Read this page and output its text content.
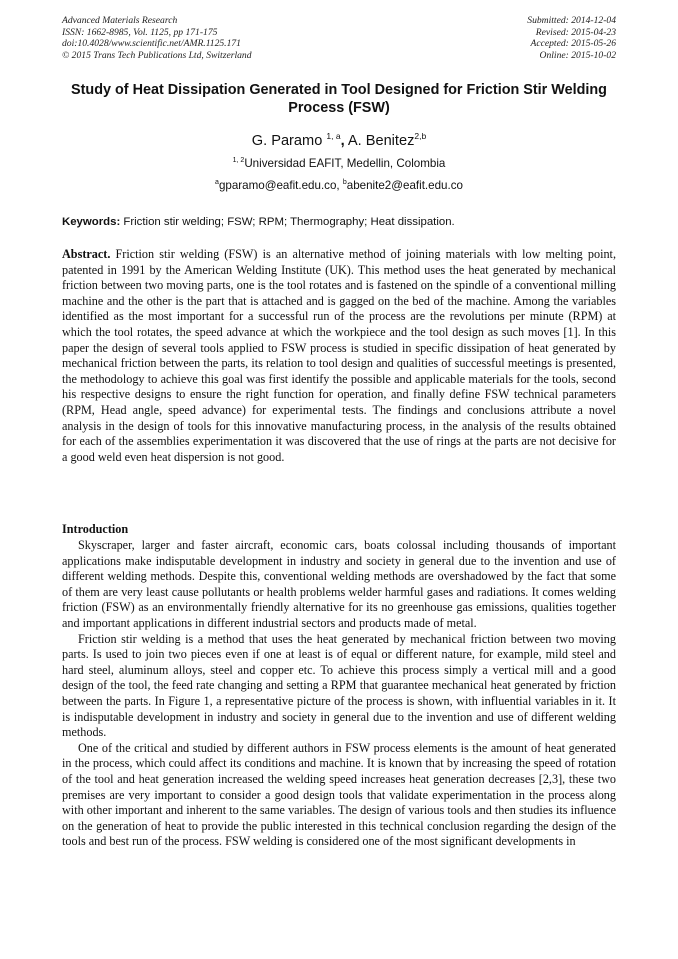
Advanced Materials Research
ISSN: 1662-8985, Vol. 1125, pp 171-175
doi:10.4028/www.scientific.net/AMR.1125.171
© 2015 Trans Tech Publications Ltd, Switzerland
Submitted: 2014-12-04
Revised: 2015-04-23
Accepted: 2015-05-26
Online: 2015-10-02
Study of Heat Dissipation Generated in Tool Designed for Friction Stir Welding Process (FSW)
G. Paramo $^{1, a}$, A. Benitez$^{2,b}$
$^{1, 2}$Universidad EAFIT, Medellin, Colombia
$^a$gparamo@eafit.edu.co, $^b$abenite2@eafit.edu.co
Keywords: Friction stir welding; FSW; RPM; Thermography; Heat dissipation.

Abstract. Friction stir welding (FSW) is an alternative method of joining materials with low melting point, patented in 1991 by the American Welding Institute (UK). This method uses the heat generated by mechanical friction between two moving parts, one is the tool rotates and is fastened on the spindle of a conventional milling machine and the other is the part that is attached and is gagged on the bed of the machine. Among the variables identified as the most important for a successful run of the process are the revolutions per minute (RPM) at which the tool rotates, the speed advance at which the workpiece and the tool design as such moves [1]. In this paper the design of several tools applied to FSW process is studied in specific dissipation of heat generated by mechanical friction between the parts, its relation to tool design and qualities of successful meetings is presented, the methodology to achieve this goal was first identify the possible and applicable materials for the tools, second his respective designs to ensure the right function for operation, and finally define FSW technical parameters (RPM, Head angle, speed advance) for experimental tests. The findings and conclusions attribute a novel analysis in the design of tools for this innovative manufacturing process, in the analysis of the results obtained for each of the assemblies experimentation it was discovered that the use of rings at the parts are not decisive for a good weld even heat dispersion is not good.

Introduction

Skyscraper, larger and faster aircraft, economic cars, boats colossal including thousands of important applications make indisputable development in industry and society in general due to the invention and use of different welding methods. Despite this, conventional welding methods are overshadowed by the fact that some of them are very least cause pollutants or health problems welder harmful gases and radiations. It comes welding friction (FSW) as an environmentally friendly alternative for its no greenhouse gas emissions, qualities together and important applications in different industrial sectors and products made of metal.

Friction stir welding is a method that uses the heat generated by mechanical friction between two moving parts. Is used to join two pieces even if one at least is of equal or different nature, for example, mild steel and hard steel, aluminum alloys, steel and copper etc. To achieve this process simply a vertical mill and a good design of the tool, the feed rate changing and setting a RPM that guarantee mechanical heat generated by friction between the parts. In Figure 1, a representative picture of the process is shown, with influential variables in it. It is indisputable development in industry and society in general due to the invention and use of different welding methods.

One of the critical and studied by different authors in FSW process elements is the amount of heat generated in the process, which could affect its conditions and machine. It is known that by increasing the speed of rotation of the tool and heat generation increased the welding speed increases heat generation decreases [2,3], these two premises are very important to consider a good design tools that validate experimentation in the process along with other important and inherent to the same variables. The design of various tools and then studies its influence on the generation of heat to provide the public interested in this technical conclusion regarding the design of the tools and best run of the process. FSW welding is considered one of the most significant developments in
